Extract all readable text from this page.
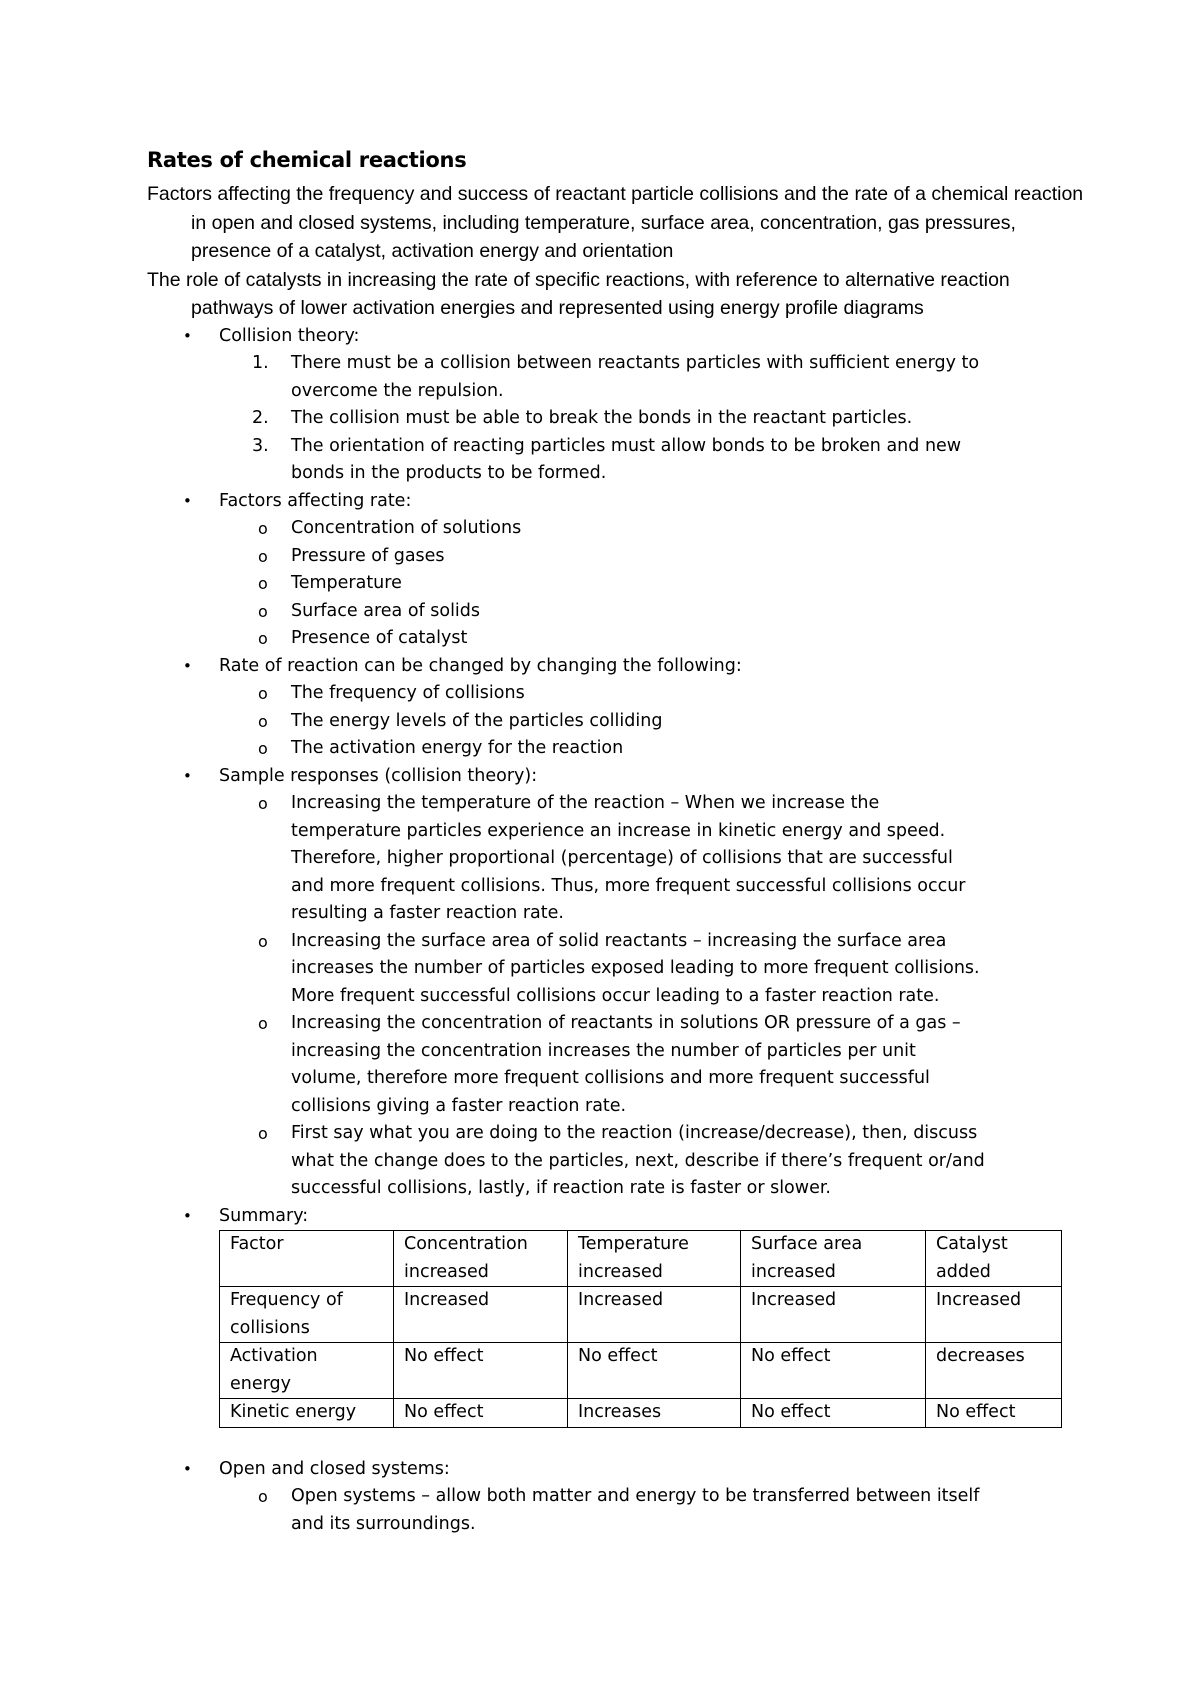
Rates of chemical reactions

Factors affecting the frequency and success of reactant particle collisions and the rate of a chemical reaction in open and closed systems, including temperature, surface area, concentration, gas pressures, presence of a catalyst, activation energy and orientation

The role of catalysts in increasing the rate of specific reactions, with reference to alternative reaction pathways of lower activation energies and represented using energy profile diagrams

• Collision theory:
1. There must be a collision between reactants particles with sufficient energy to overcome the repulsion.
2. The collision must be able to break the bonds in the reactant particles.
3. The orientation of reacting particles must allow bonds to be broken and new bonds in the products to be formed.
• Factors affecting rate:
o Concentration of solutions
o Pressure of gases
o Temperature
o Surface area of solids
o Presence of catalyst
• Rate of reaction can be changed by changing the following:
o The frequency of collisions
o The energy levels of the particles colliding
o The activation energy for the reaction
• Sample responses (collision theory):
o Increasing the temperature of the reaction – When we increase the temperature particles experience an increase in kinetic energy and speed. Therefore, higher proportional (percentage) of collisions that are successful and more frequent collisions. Thus, more frequent successful collisions occur resulting a faster reaction rate.
o Increasing the surface area of solid reactants – increasing the surface area increases the number of particles exposed leading to more frequent collisions. More frequent successful collisions occur leading to a faster reaction rate.
o Increasing the concentration of reactants in solutions OR pressure of a gas – increasing the concentration increases the number of particles per unit volume, therefore more frequent collisions and more frequent successful collisions giving a faster reaction rate.
o First say what you are doing to the reaction (increase/decrease), then, discuss what the change does to the particles, next, describe if there’s frequent or/and successful collisions, lastly, if reaction rate is faster or slower.
• Summary:
Factor	Concentration increased	Temperature increased	Surface area increased	Catalyst added
Frequency of collisions	Increased	Increased	Increased	Increased
Activation energy	No effect	No effect	No effect	decreases
Kinetic energy	No effect	Increases	No effect	No effect
• Open and closed systems:
o Open systems – allow both matter and energy to be transferred between itself and its surroundings.
